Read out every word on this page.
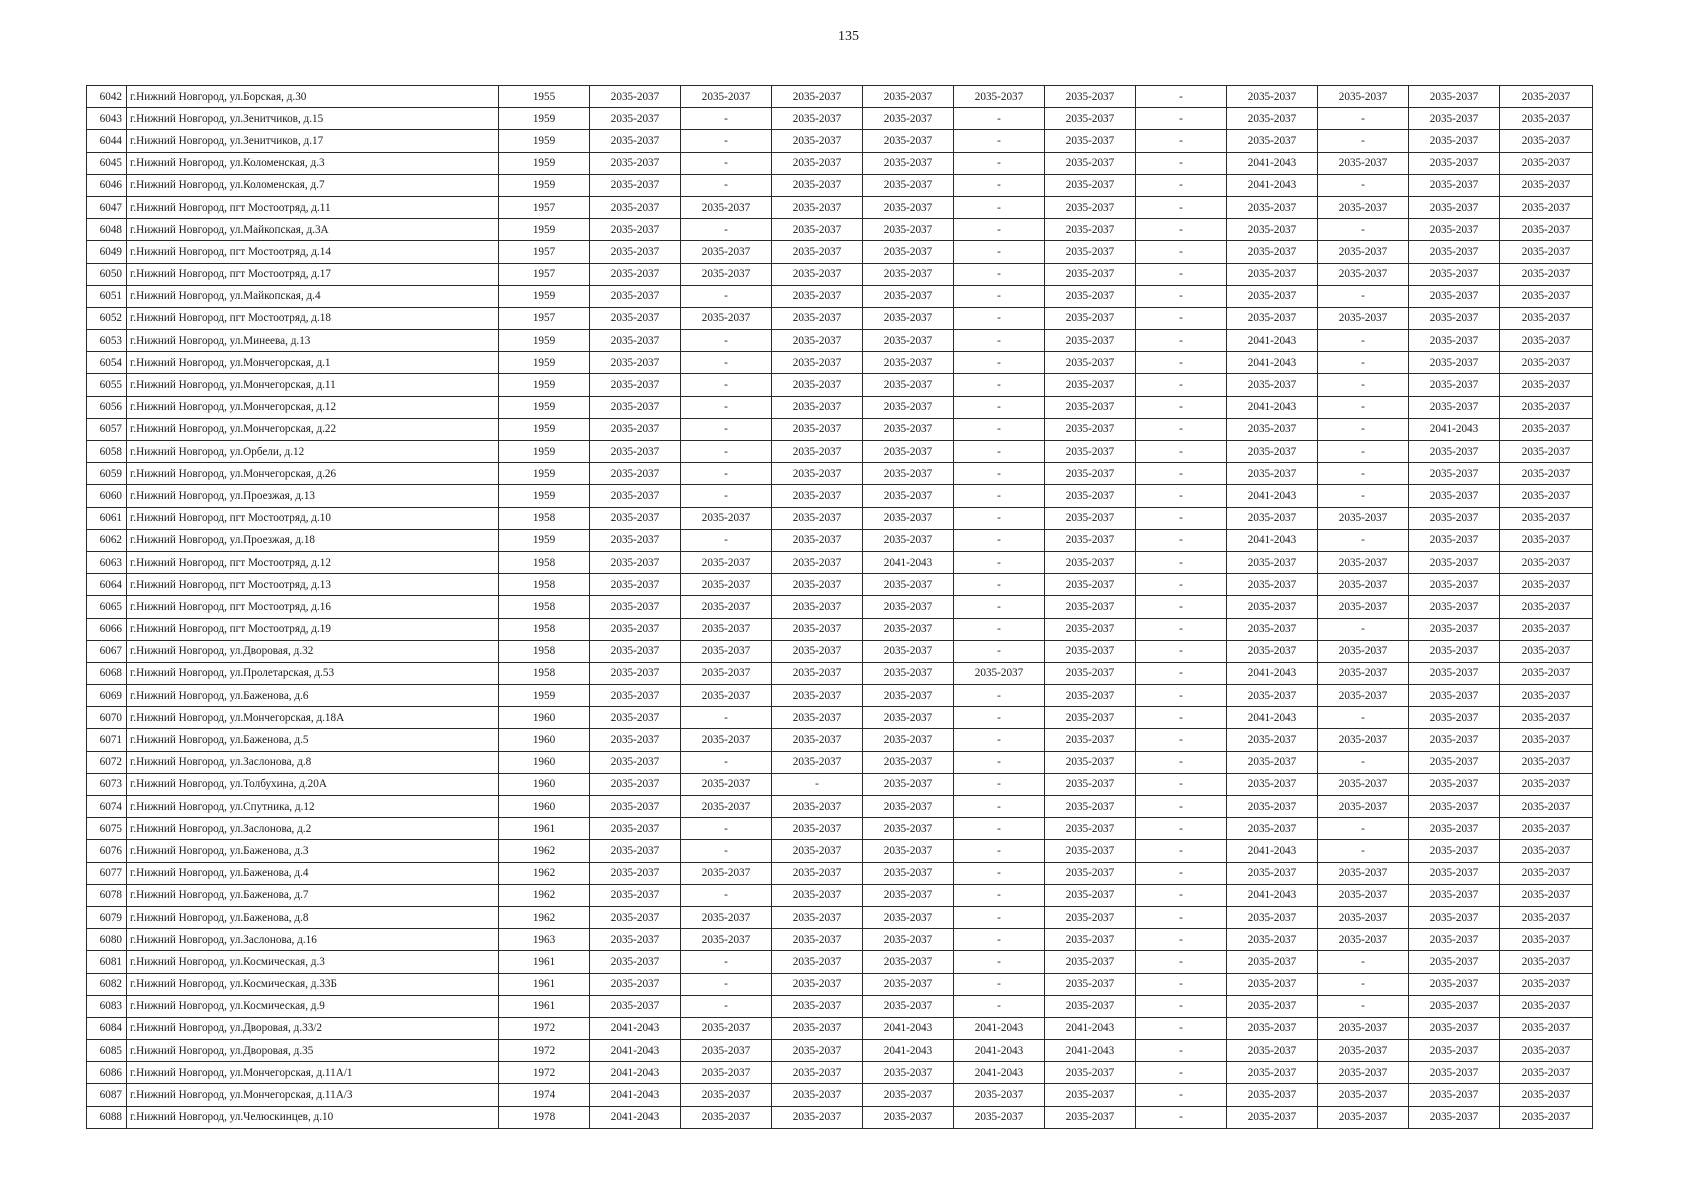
135
6042	г.Нижний Новгород, ул.Борская, д.30	1955	2035-2037	2035-2037	2035-2037	2035-2037	2035-2037	2035-2037	-	2035-2037	2035-2037	2035-2037	2035-2037
6043	г.Нижний Новгород, ул.Зенитчиков, д.15	1959	2035-2037	-	2035-2037	2035-2037	-	2035-2037	-	2035-2037	-	2035-2037	2035-2037
6044	г.Нижний Новгород, ул.Зенитчиков, д.17	1959	2035-2037	-	2035-2037	2035-2037	-	2035-2037	-	2035-2037	-	2035-2037	2035-2037
6045	г.Нижний Новгород, ул.Коломенская, д.3	1959	2035-2037	-	2035-2037	2035-2037	-	2035-2037	-	2041-2043	2035-2037	2035-2037	2035-2037
6046	г.Нижний Новгород, ул.Коломенская, д.7	1959	2035-2037	-	2035-2037	2035-2037	-	2035-2037	-	2041-2043	-	2035-2037	2035-2037
6047	г.Нижний Новгород, пгт Мостоотряд, д.11	1957	2035-2037	2035-2037	2035-2037	2035-2037	-	2035-2037	-	2035-2037	2035-2037	2035-2037	2035-2037
6048	г.Нижний Новгород, ул.Майкопская, д.3А	1959	2035-2037	-	2035-2037	2035-2037	-	2035-2037	-	2035-2037	-	2035-2037	2035-2037
6049	г.Нижний Новгород, пгт Мостоотряд, д.14	1957	2035-2037	2035-2037	2035-2037	2035-2037	-	2035-2037	-	2035-2037	2035-2037	2035-2037	2035-2037
6050	г.Нижний Новгород, пгт Мостоотряд, д.17	1957	2035-2037	2035-2037	2035-2037	2035-2037	-	2035-2037	-	2035-2037	2035-2037	2035-2037	2035-2037
6051	г.Нижний Новгород, ул.Майкопская, д.4	1959	2035-2037	-	2035-2037	2035-2037	-	2035-2037	-	2035-2037	-	2035-2037	2035-2037
6052	г.Нижний Новгород, пгт Мостоотряд, д.18	1957	2035-2037	2035-2037	2035-2037	2035-2037	-	2035-2037	-	2035-2037	2035-2037	2035-2037	2035-2037
6053	г.Нижний Новгород, ул.Минеева, д.13	1959	2035-2037	-	2035-2037	2035-2037	-	2035-2037	-	2041-2043	-	2035-2037	2035-2037
6054	г.Нижний Новгород, ул.Мончегорская, д.1	1959	2035-2037	-	2035-2037	2035-2037	-	2035-2037	-	2041-2043	-	2035-2037	2035-2037
6055	г.Нижний Новгород, ул.Мончегорская, д.11	1959	2035-2037	-	2035-2037	2035-2037	-	2035-2037	-	2035-2037	-	2035-2037	2035-2037
6056	г.Нижний Новгород, ул.Мончегорская, д.12	1959	2035-2037	-	2035-2037	2035-2037	-	2035-2037	-	2041-2043	-	2035-2037	2035-2037
6057	г.Нижний Новгород, ул.Мончегорская, д.22	1959	2035-2037	-	2035-2037	2035-2037	-	2035-2037	-	2035-2037	-	2041-2043	2035-2037
6058	г.Нижний Новгород, ул.Орбели, д.12	1959	2035-2037	-	2035-2037	2035-2037	-	2035-2037	-	2035-2037	-	2035-2037	2035-2037
6059	г.Нижний Новгород, ул.Мончегорская, д.26	1959	2035-2037	-	2035-2037	2035-2037	-	2035-2037	-	2035-2037	-	2035-2037	2035-2037
6060	г.Нижний Новгород, ул.Проезжая, д.13	1959	2035-2037	-	2035-2037	2035-2037	-	2035-2037	-	2041-2043	-	2035-2037	2035-2037
6061	г.Нижний Новгород, пгт Мостоотряд, д.10	1958	2035-2037	2035-2037	2035-2037	2035-2037	-	2035-2037	-	2035-2037	2035-2037	2035-2037	2035-2037
6062	г.Нижний Новгород, ул.Проезжая, д.18	1959	2035-2037	-	2035-2037	2035-2037	-	2035-2037	-	2041-2043	-	2035-2037	2035-2037
6063	г.Нижний Новгород, пгт Мостоотряд, д.12	1958	2035-2037	2035-2037	2035-2037	2041-2043	-	2035-2037	-	2035-2037	2035-2037	2035-2037	2035-2037
6064	г.Нижний Новгород, пгт Мостоотряд, д.13	1958	2035-2037	2035-2037	2035-2037	2035-2037	-	2035-2037	-	2035-2037	2035-2037	2035-2037	2035-2037
6065	г.Нижний Новгород, пгт Мостоотряд, д.16	1958	2035-2037	2035-2037	2035-2037	2035-2037	-	2035-2037	-	2035-2037	2035-2037	2035-2037	2035-2037
6066	г.Нижний Новгород, пгт Мостоотряд, д.19	1958	2035-2037	2035-2037	2035-2037	2035-2037	-	2035-2037	-	2035-2037	-	2035-2037	2035-2037
6067	г.Нижний Новгород, ул.Дворовая, д.32	1958	2035-2037	2035-2037	2035-2037	2035-2037	-	2035-2037	-	2035-2037	2035-2037	2035-2037	2035-2037
6068	г.Нижний Новгород, ул.Пролетарская, д.53	1958	2035-2037	2035-2037	2035-2037	2035-2037	2035-2037	2035-2037	-	2041-2043	2035-2037	2035-2037	2035-2037
6069	г.Нижний Новгород, ул.Баженова, д.6	1959	2035-2037	2035-2037	2035-2037	2035-2037	-	2035-2037	-	2035-2037	2035-2037	2035-2037	2035-2037
6070	г.Нижний Новгород, ул.Мончегорская, д.18А	1960	2035-2037	-	2035-2037	2035-2037	-	2035-2037	-	2041-2043	-	2035-2037	2035-2037
6071	г.Нижний Новгород, ул.Баженова, д.5	1960	2035-2037	2035-2037	2035-2037	2035-2037	-	2035-2037	-	2035-2037	2035-2037	2035-2037	2035-2037
6072	г.Нижний Новгород, ул.Заслонова, д.8	1960	2035-2037	-	2035-2037	2035-2037	-	2035-2037	-	2035-2037	-	2035-2037	2035-2037
6073	г.Нижний Новгород, ул.Толбухина, д.20А	1960	2035-2037	2035-2037	-	2035-2037	-	2035-2037	-	2035-2037	2035-2037	2035-2037	2035-2037
6074	г.Нижний Новгород, ул.Спутника, д.12	1960	2035-2037	2035-2037	2035-2037	2035-2037	-	2035-2037	-	2035-2037	2035-2037	2035-2037	2035-2037
6075	г.Нижний Новгород, ул.Заслонова, д.2	1961	2035-2037	-	2035-2037	2035-2037	-	2035-2037	-	2035-2037	-	2035-2037	2035-2037
6076	г.Нижний Новгород, ул.Баженова, д.3	1962	2035-2037	-	2035-2037	2035-2037	-	2035-2037	-	2041-2043	-	2035-2037	2035-2037
6077	г.Нижний Новгород, ул.Баженова, д.4	1962	2035-2037	2035-2037	2035-2037	2035-2037	-	2035-2037	-	2035-2037	2035-2037	2035-2037	2035-2037
6078	г.Нижний Новгород, ул.Баженова, д.7	1962	2035-2037	-	2035-2037	2035-2037	-	2035-2037	-	2041-2043	2035-2037	2035-2037	2035-2037
6079	г.Нижний Новгород, ул.Баженова, д.8	1962	2035-2037	2035-2037	2035-2037	2035-2037	-	2035-2037	-	2035-2037	2035-2037	2035-2037	2035-2037
6080	г.Нижний Новгород, ул.Заслонова, д.16	1963	2035-2037	2035-2037	2035-2037	2035-2037	-	2035-2037	-	2035-2037	2035-2037	2035-2037	2035-2037
6081	г.Нижний Новгород, ул.Космическая, д.3	1961	2035-2037	-	2035-2037	2035-2037	-	2035-2037	-	2035-2037	-	2035-2037	2035-2037
6082	г.Нижний Новгород, ул.Космическая, д.33Б	1961	2035-2037	-	2035-2037	2035-2037	-	2035-2037	-	2035-2037	-	2035-2037	2035-2037
6083	г.Нижний Новгород, ул.Космическая, д.9	1961	2035-2037	-	2035-2037	2035-2037	-	2035-2037	-	2035-2037	-	2035-2037	2035-2037
6084	г.Нижний Новгород, ул.Дворовая, д.33/2	1972	2041-2043	2035-2037	2035-2037	2041-2043	2041-2043	2041-2043	-	2035-2037	2035-2037	2035-2037	2035-2037
6085	г.Нижний Новгород, ул.Дворовая, д.35	1972	2041-2043	2035-2037	2035-2037	2041-2043	2041-2043	2041-2043	-	2035-2037	2035-2037	2035-2037	2035-2037
6086	г.Нижний Новгород, ул.Мончегорская, д.11А/1	1972	2041-2043	2035-2037	2035-2037	2035-2037	2041-2043	2035-2037	-	2035-2037	2035-2037	2035-2037	2035-2037
6087	г.Нижний Новгород, ул.Мончегорская, д.11А/3	1974	2041-2043	2035-2037	2035-2037	2035-2037	2035-2037	2035-2037	-	2035-2037	2035-2037	2035-2037	2035-2037
6088	г.Нижний Новгород, ул.Челюскинцев, д.10	1978	2041-2043	2035-2037	2035-2037	2035-2037	2035-2037	2035-2037	-	2035-2037	2035-2037	2035-2037	2035-2037
